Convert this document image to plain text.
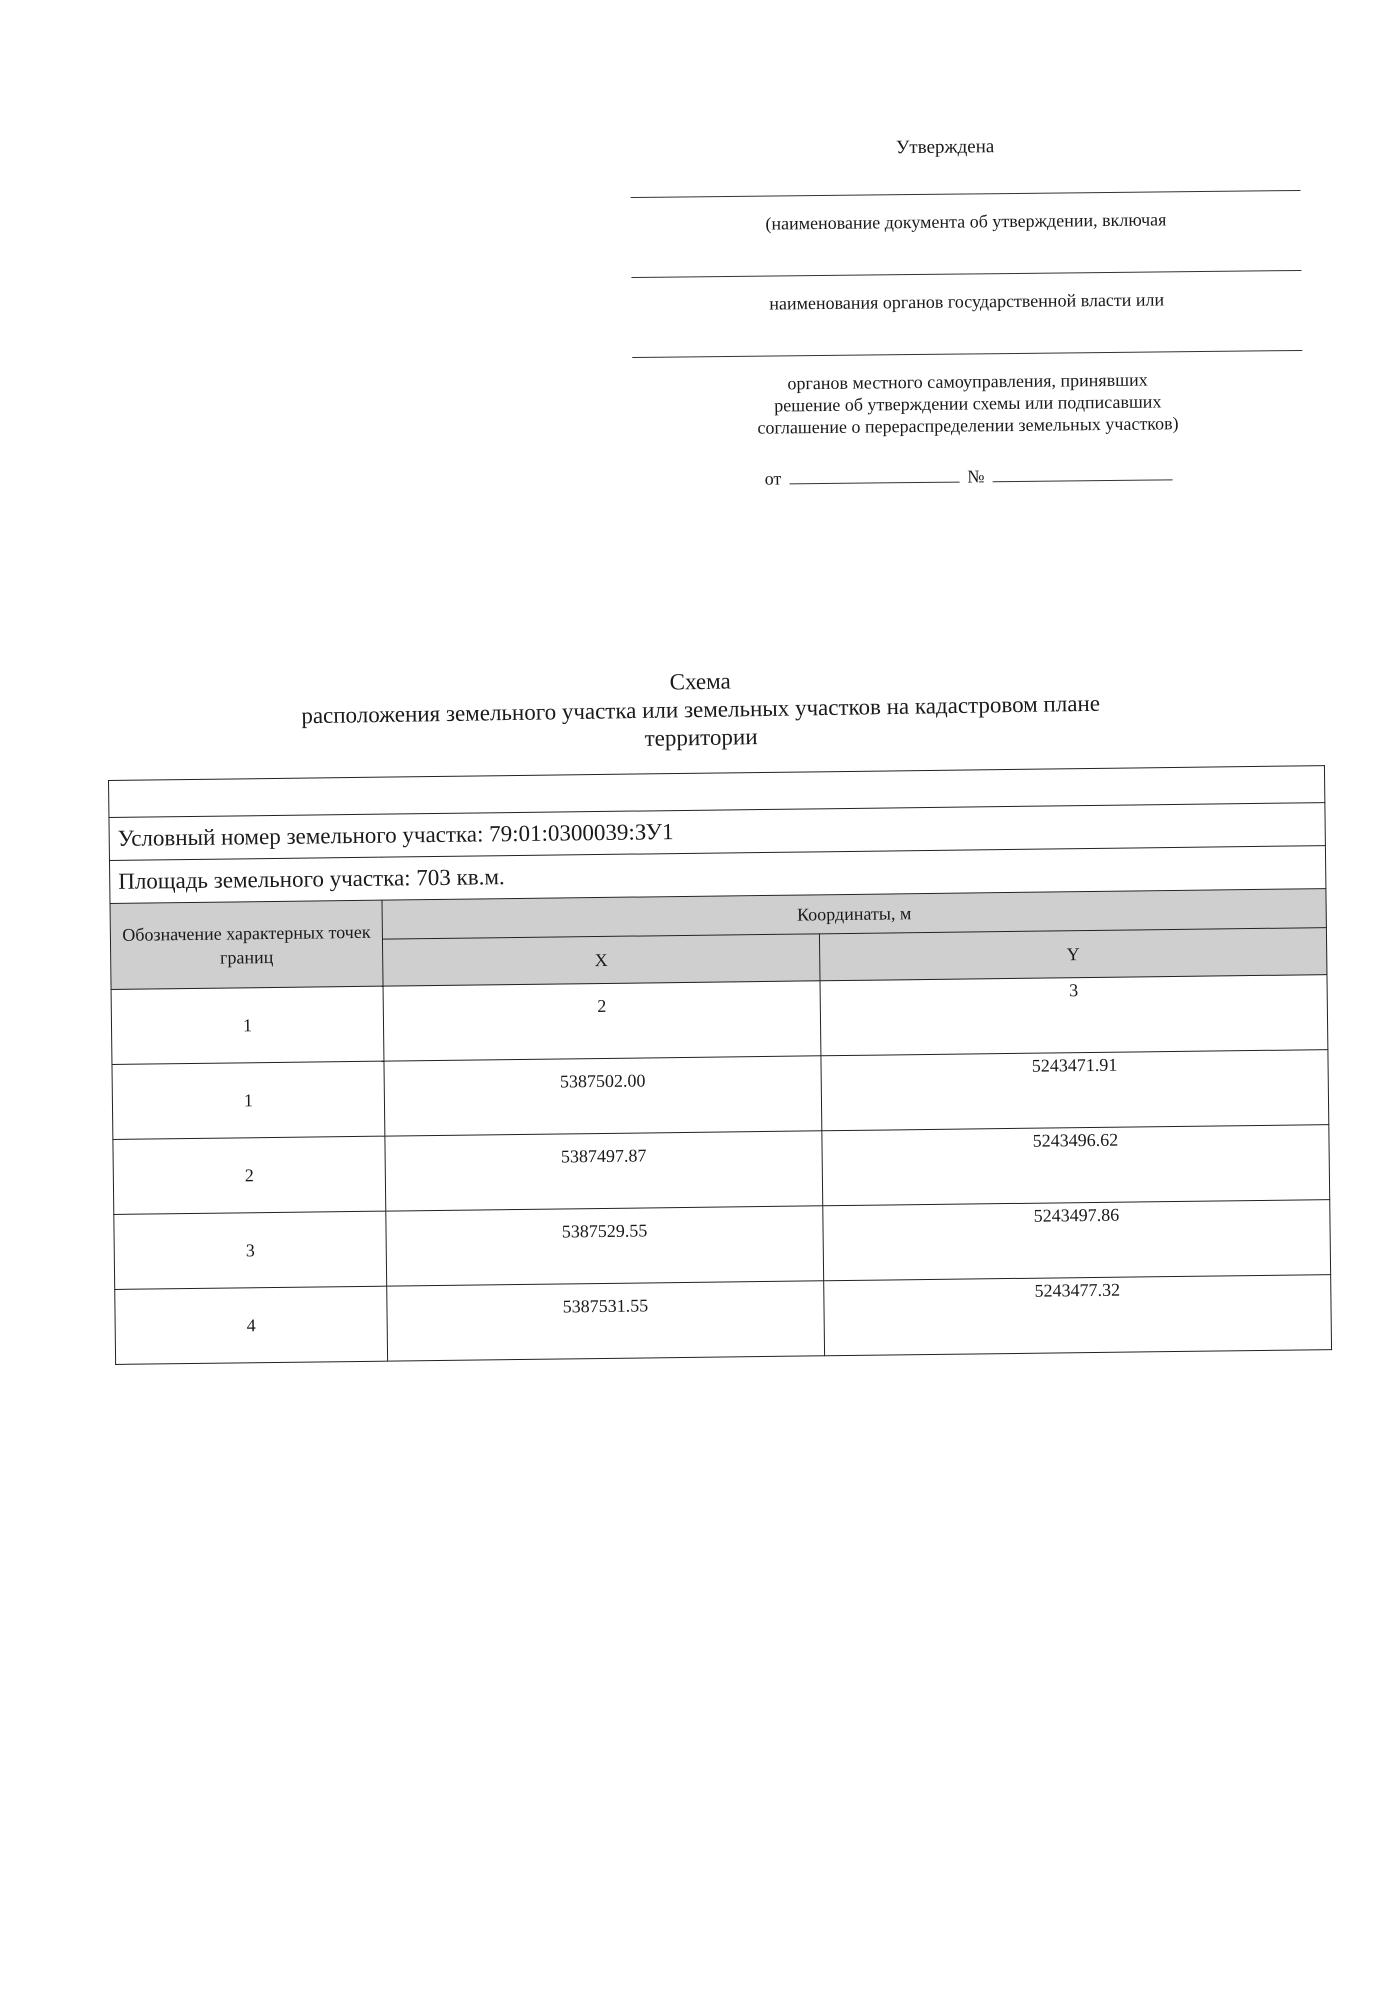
Утверждена
(наименование документа об утверждении, включая
наименования органов государственной власти или
органов местного самоуправления, принявших
решение об утверждении схемы или подписавших
соглашение о перераспределении земельных участков)
от	№
Схема
расположения земельного участка или земельных участков на кадастровом плане
территории

Условный номер земельного участка: 79:01:0300039:ЗУ1		
Площадь земельного участка: 703 кв.м.		
Обозначение характерных точек границ	Координаты, м	
	X	Y
1	2	3
1	5387502.00	5243471.91
2	5387497.87	5243496.62
3	5387529.55	5243497.86
4	5387531.55	5243477.32
